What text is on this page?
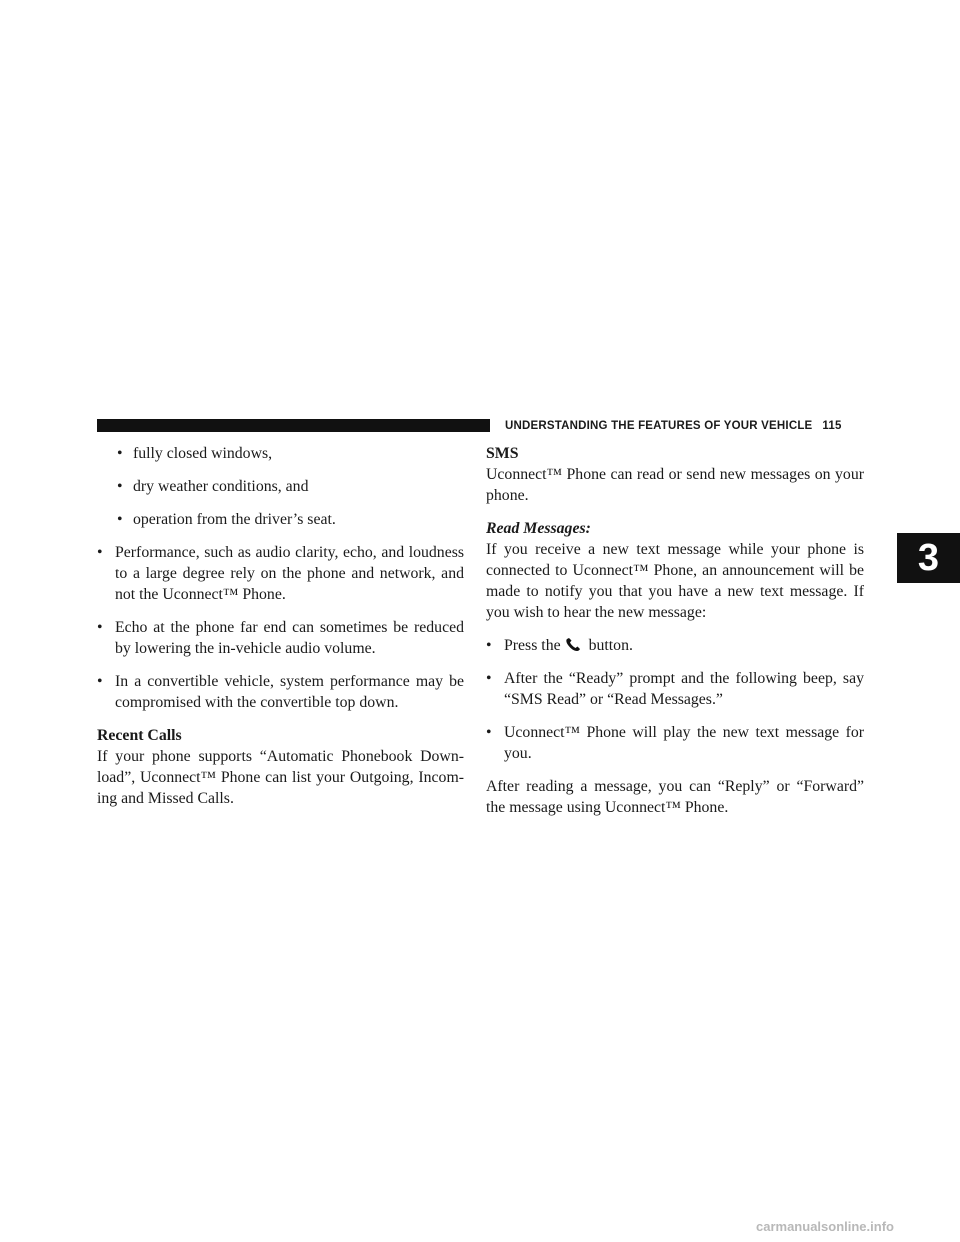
UNDERSTANDING THE FEATURES OF YOUR VEHICLE 115
3
• fully closed windows,
• dry weather conditions, and
• operation from the driver’s seat.
• Performance, such as audio clarity, echo, and loudness to a large degree rely on the phone and network, and not the Uconnect™ Phone.
• Echo at the phone far end can sometimes be reduced by lowering the in-vehicle audio volume.
• In a convertible vehicle, system performance may be compromised with the convertible top down.
Recent Calls

If your phone supports “Automatic Phonebook Down-load”, Uconnect™ Phone can list your Outgoing, Incom-ing and Missed Calls.

SMS

Uconnect™ Phone can read or send new messages on your phone.

Read Messages:

If you receive a new text message while your phone is connected to Uconnect™ Phone, an announcement will be made to notify you that you have a new text message. If you wish to hear the new message:

• Press the button.
• After the “Ready” prompt and the following beep, say “SMS Read” or “Read Messages.”
• Uconnect™ Phone will play the new text message for you.

After reading a message, you can “Reply” or “Forward” the message using Uconnect™ Phone.

carmanualsonline.info
